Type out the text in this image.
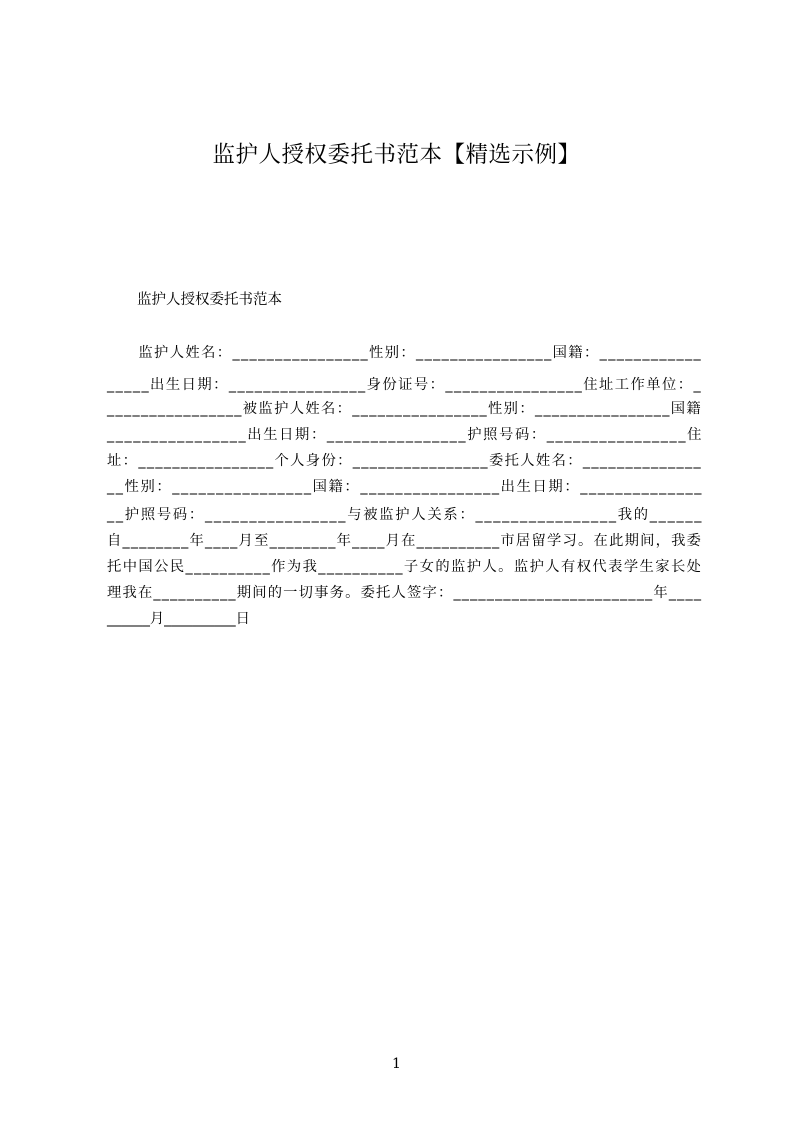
监护人授权委托书范本【精选示例】
监护人授权委托书范本
　　监护人姓名：________________性别：________________国籍：____________
_____出生日期：________________身份证号：________________住址工作单位：_
________________被监护人姓名：________________性别：________________国籍
________________出生日期：________________护照号码：________________住
址：________________个人身份：________________委托人姓名：______________
__性别：________________国籍：________________出生日期：______________
__护照号码：________________与被监护人关系：________________我的______
自________年____月至________年____月在__________市居留学习。在此期间，我委
托中国公民__________作为我__________子女的监护人。监护人有权代表学生家长处
理我在__________期间的一切事务。委托人签字：________________________年____
______月__________日
1
